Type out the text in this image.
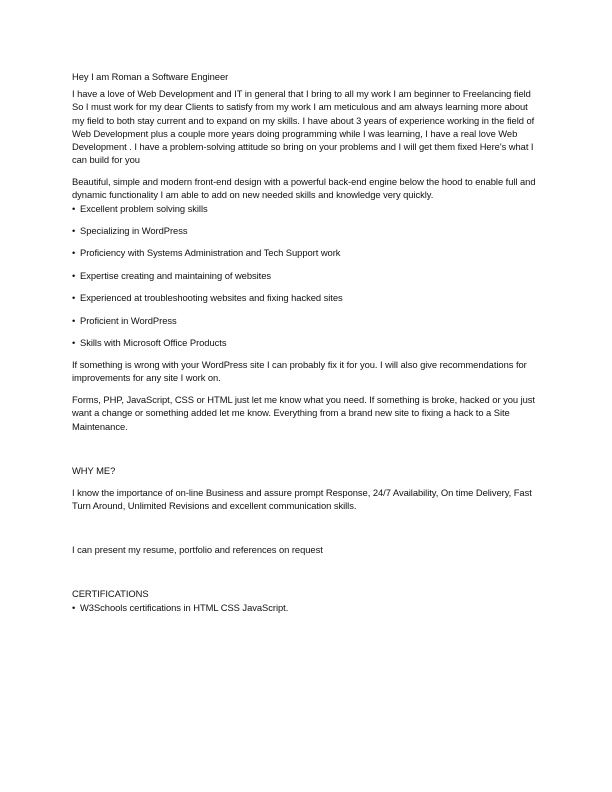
Hey I am Roman a Software Engineer

I have a love of Web Development and IT in general that I bring to all my work I am beginner to Freelancing field So I must work for my dear Clients to satisfy from my work I am meticulous and am always learning more about my field to both stay current and to expand on my skills. I have about 3 years of experience working in the field of Web Development plus a couple more years doing programming while I was learning, I have a real love Web Development . I have a problem-solving attitude so bring on your problems and I will get them fixed Here's what I can build for you

Beautiful, simple and modern front-end design with a powerful back-end engine below the hood to enable full and dynamic functionality I am able to add on new needed skills and knowledge very quickly.

• Excellent problem solving skills
• Specializing in WordPress
• Proficiency with Systems Administration and Tech Support work
• Expertise creating and maintaining of websites
• Experienced at troubleshooting websites and fixing hacked sites
• Proficient in WordPress
• Skills with Microsoft Office Products

If something is wrong with your WordPress site I can probably fix it for you. I will also give recommendations for improvements for any site I work on.

Forms, PHP, JavaScript, CSS or HTML just let me know what you need. If something is broke, hacked or you just want a change or something added let me know. Everything from a brand new site to fixing a hack to a Site Maintenance.

WHY ME?

I know the importance of on-line Business and assure prompt Response, 24/7 Availability, On time Delivery, Fast Turn Around, Unlimited Revisions and excellent communication skills.

I can present my resume, portfolio and references on request

CERTIFICATIONS

• W3Schools certifications in HTML CSS JavaScript.
